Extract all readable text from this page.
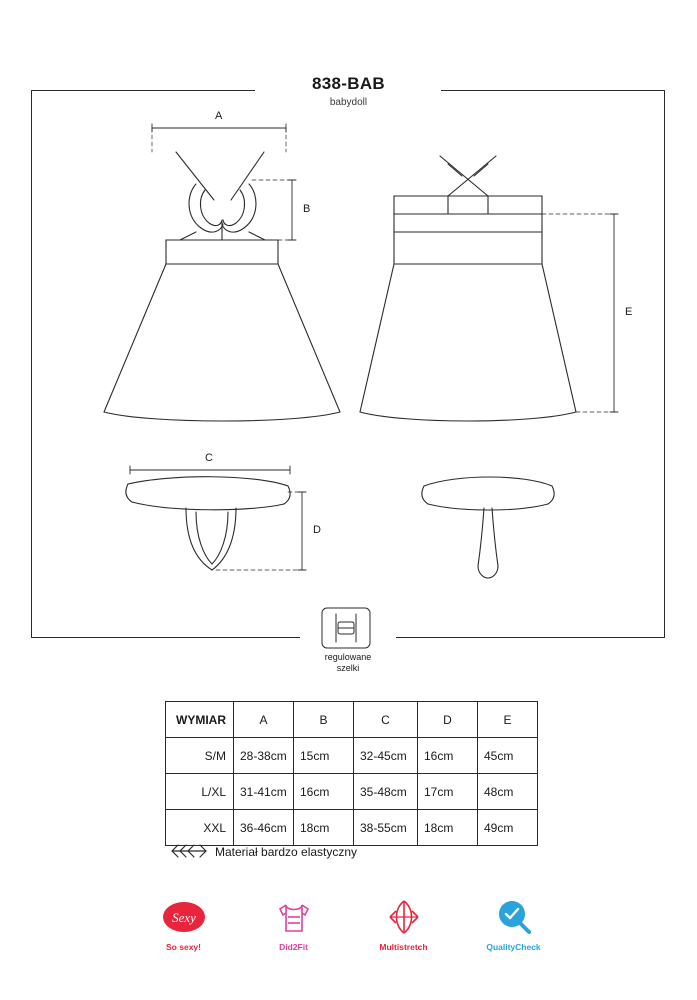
838-BAB
babydoll
A
B
C
D
E
regulowane
szelki
WYMIAR	A	B	C	D	E
S/M	28-38cm	15cm	32-45cm	16cm	45cm
L/XL	31-41cm	16cm	35-48cm	17cm	48cm
XXL	36-46cm	18cm	38-55cm	18cm	49cm
Materiał bardzo elastyczny
Sexy
So sexy!	Did2Fit	Multistretch	QualityCheck
